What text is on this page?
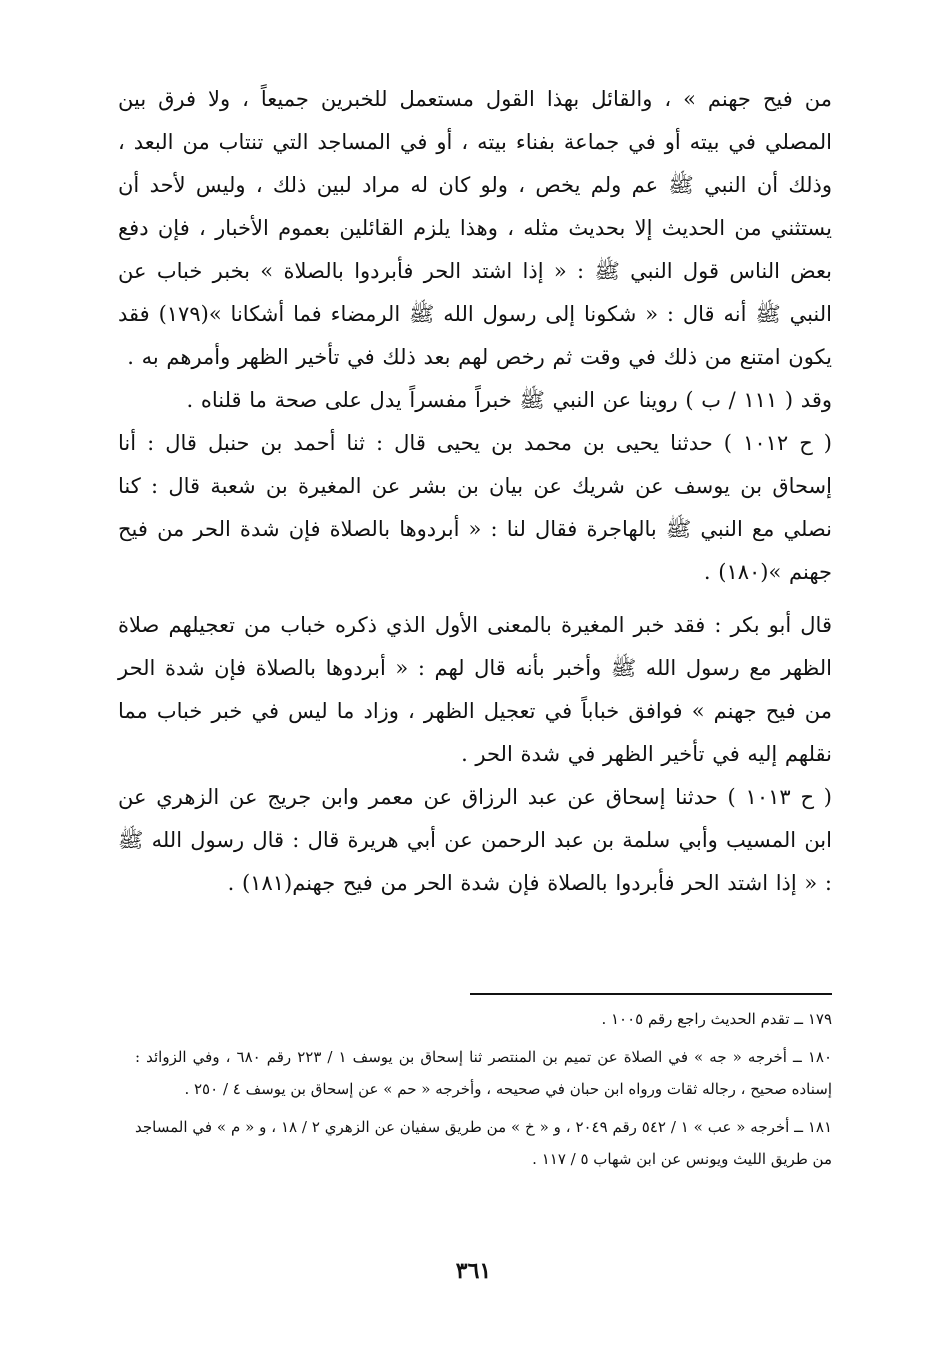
من فيح جهنم » ، والقائل بهذا القول مستعمل للخبرين جميعاً ، ولا فرق بين المصلي في بيته أو في جماعة بفناء بيته ، أو في المساجد التي تنتاب من البعد ، وذلك أن النبي ﷺ عم ولم يخص ، ولو كان له مراد لبين ذلك ، وليس لأحد أن يستثني من الحديث إلا بحديث مثله ، وهذا يلزم القائلين بعموم الأخبار ، فإن دفع بعض الناس قول النبي ﷺ : « إذا اشتد الحر فأبردوا بالصلاة » بخبر خباب عن النبي ﷺ أنه قال : « شكونا إلى رسول الله ﷺ الرمضاء فما أشكانا »(١٧٩) فقد يكون امتنع من ذلك في وقت ثم رخص لهم بعد ذلك في تأخير الظهر وأمرهم به .

وقد ( ١١١ / ب ) روينا عن النبي ﷺ خبراً مفسراً يدل على صحة ما قلناه .

( ح ١٠١٢ ) حدثنا يحيى بن محمد بن يحيى قال : ثنا أحمد بن حنبل قال : أنا إسحاق بن يوسف عن شريك عن بيان بن بشر عن المغيرة بن شعبة قال : كنا نصلي مع النبي ﷺ بالهاجرة فقال لنا : « أبردوها بالصلاة فإن شدة الحر من فيح جهنم »(١٨٠) .

قال أبو بكر : فقد خبر المغيرة بالمعنى الأول الذي ذكره خباب من تعجيلهم صلاة الظهر مع رسول الله ﷺ وأخبر بأنه قال لهم : « أبردوها بالصلاة فإن شدة الحر من فيح جهنم » فوافق خباباً في تعجيل الظهر ، وزاد ما ليس في خبر خباب مما نقلهم إليه في تأخير الظهر في شدة الحر .

( ح ١٠١٣ ) حدثنا إسحاق عن عبد الرزاق عن معمر وابن جريج عن الزهري عن ابن المسيب وأبي سلمة بن عبد الرحمن عن أبي هريرة قال : قال رسول الله ﷺ : « إذا اشتد الحر فأبردوا بالصلاة فإن شدة الحر من فيح جهنم(١٨١) .

١٧٩ ــ تقدم الحديث راجع رقم ١٠٠٥ .

١٨٠ ــ أخرجه « جه » في الصلاة عن تميم بن المنتصر ثنا إسحاق بن يوسف ١ / ٢٢٣ رقم ٦٨٠ ، وفي الزوائد : إسناده صحيح ، رجاله ثقات ورواه ابن حبان في صحيحه ، وأخرجه « حم » عن إسحاق بن يوسف ٤ / ٢٥٠ .

١٨١ ــ أخرجه « عب » ١ / ٥٤٢ رقم ٢٠٤٩ ، و « خ » من طريق سفيان عن الزهري ٢ / ١٨ ، و « م » في المساجد من طريق الليث ويونس عن ابن شهاب ٥ / ١١٧ .

٣٦١
